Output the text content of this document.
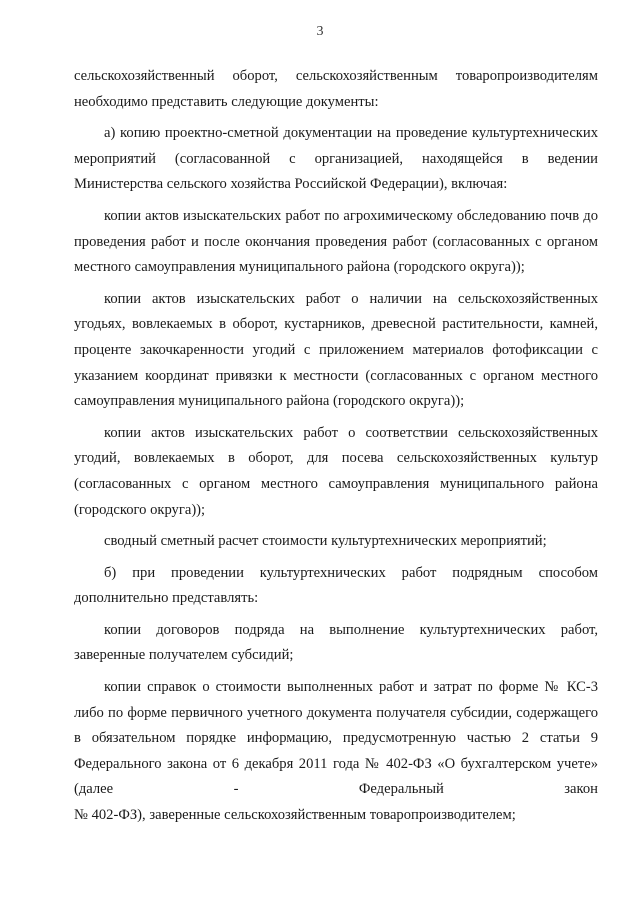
3

сельскохозяйственный оборот, сельскохозяйственным товаропроизводителям необходимо представить следующие документы:

а) копию проектно-сметной документации на проведение культуртехнических мероприятий (согласованной с организацией, находящейся в ведении Министерства сельского хозяйства Российской Федерации), включая:

копии актов изыскательских работ по агрохимическому обследованию почв до проведения работ и после окончания проведения работ (согласованных с органом местного самоуправления муниципального района (городского округа));

копии актов изыскательских работ о наличии на сельскохозяйственных угодьях, вовлекаемых в оборот, кустарников, древесной растительности, камней, проценте закочкаренности угодий с приложением материалов фотофиксации с указанием координат привязки к местности (согласованных с органом местного самоуправления муниципального района (городского округа));

копии актов изыскательских работ о соответствии сельскохозяйственных угодий, вовлекаемых в оборот, для посева сельскохозяйственных культур (согласованных с органом местного самоуправления муниципального района (городского округа));

сводный сметный расчет стоимости культуртехнических мероприятий;

б) при проведении культуртехнических работ подрядным способом дополнительно представлять:

копии договоров подряда на выполнение культуртехнических работ, заверенные получателем субсидий;

копии справок о стоимости выполненных работ и затрат по форме № КС-3 либо по форме первичного учетного документа получателя субсидии, содержащего в обязательном порядке информацию, предусмотренную частью 2 статьи 9 Федерального закона от 6 декабря 2011 года № 402-ФЗ «О бухгалтерском учете» (далее - Федеральный закон

№ 402-ФЗ), заверенные сельскохозяйственным товаропроизводителем;
